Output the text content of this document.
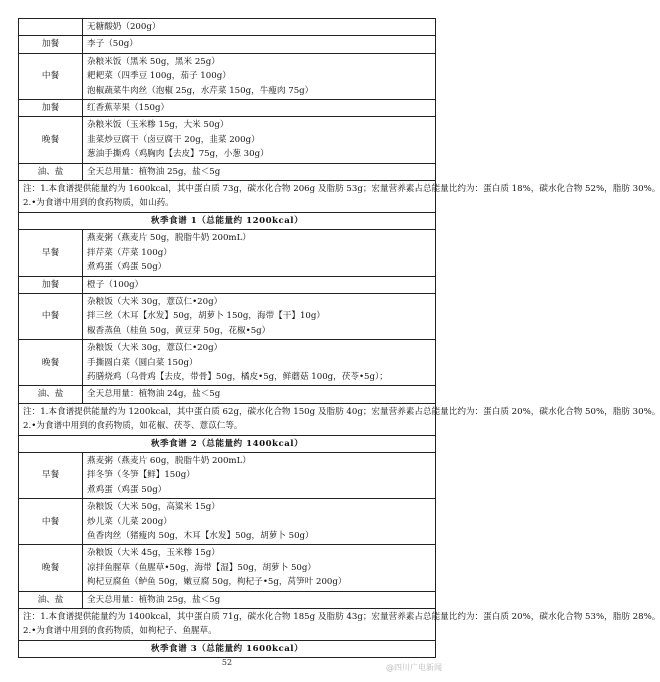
	无糖酸奶（200g）

加餐	李子（50g）

中餐	杂粮米饭（黑米 50g，黑米 25g）
耙耙菜（四季豆 100g，茄子 100g）
泡椒蔬菜牛肉丝（泡椒 25g，水芹菜 150g，牛瘦肉 75g）

加餐	红香蕉苹果（150g）

晚餐	杂粮米饭（玉米糁 15g，大米 50g）
韭菜炒豆腐干（卤豆腐干 20g，韭菜 200g）
葱油手撕鸡（鸡胸肉【去皮】75g，小葱 30g）

油、盐	全天总用量：植物油 25g，盐＜5g

注：1.本食谱提供能量约为 1600kcal，其中蛋白质 73g，碳水化合物 206g 及脂肪 53g；宏量营养素占总能量比约为：蛋白质 18%，碳水化合物 52%，脂肪 30%。
2.•为食谱中用到的食药物质，如山药。	

秋季食谱 1（总能量约 1200kcal）	
早餐	燕麦粥（燕麦片 50g，脱脂牛奶 200mL）
拌芹菜（芹菜 100g）
煮鸡蛋（鸡蛋 50g）

加餐	橙子（100g）

中餐	杂粮饭（大米 30g，薏苡仁•20g）
拌三丝（木耳【水发】50g，胡萝卜 150g，海带【干】10g）
椒香蒸鱼（桂鱼 50g，黄豆芽 50g，花椒•5g）

晚餐	杂粮饭（大米 30g，薏苡仁•20g）
手撕圆白菜（圆白菜 150g）
药膳烧鸡（乌骨鸡【去皮，带骨】50g，橘皮•5g，鲜蘑菇 100g，茯苓•5g）；

油、盐	全天总用量：植物油 24g，盐＜5g

注：1.本食谱提供能量约为 1200kcal，其中蛋白质 62g，碳水化合物 150g 及脂肪 40g；宏量营养素占总能量比约为：蛋白质 20%，碳水化合物 50%，脂肪 30%。
2.•为食谱中用到的食药物质，如花椒、茯苓、薏苡仁等。	

秋季食谱 2（总能量约 1400kcal）	
早餐	燕麦粥（燕麦片 60g，脱脂牛奶 200mL）
拌冬笋（冬笋【鲜】150g）
煮鸡蛋（鸡蛋 50g）

中餐	杂粮饭（大米 50g，高粱米 15g）
炒儿菜（儿菜 200g）
鱼香肉丝（猪瘦肉 50g，木耳【水发】50g，胡萝卜 50g）

晚餐	杂粮饭（大米 45g，玉米糁 15g）
凉拌鱼腥草（鱼腥草•50g，海带【湿】50g，胡萝卜 50g）
枸杞豆腐鱼（鲈鱼 50g，嫩豆腐 50g，枸杞子•5g，莴笋叶 200g）

油、盐	全天总用量：植物油 25g，盐＜5g

注：1.本食谱提供能量约为 1400kcal，其中蛋白质 71g，碳水化合物 185g 及脂肪 43g；宏量营养素占总能量比约为：蛋白质 20%，碳水化合物 53%，脂肪 28%。
2.•为食谱中用到的食药物质，如枸杞子、鱼腥草。	

秋季食谱 3（总能量约 1600kcal）	
52
@四川广电新闻
